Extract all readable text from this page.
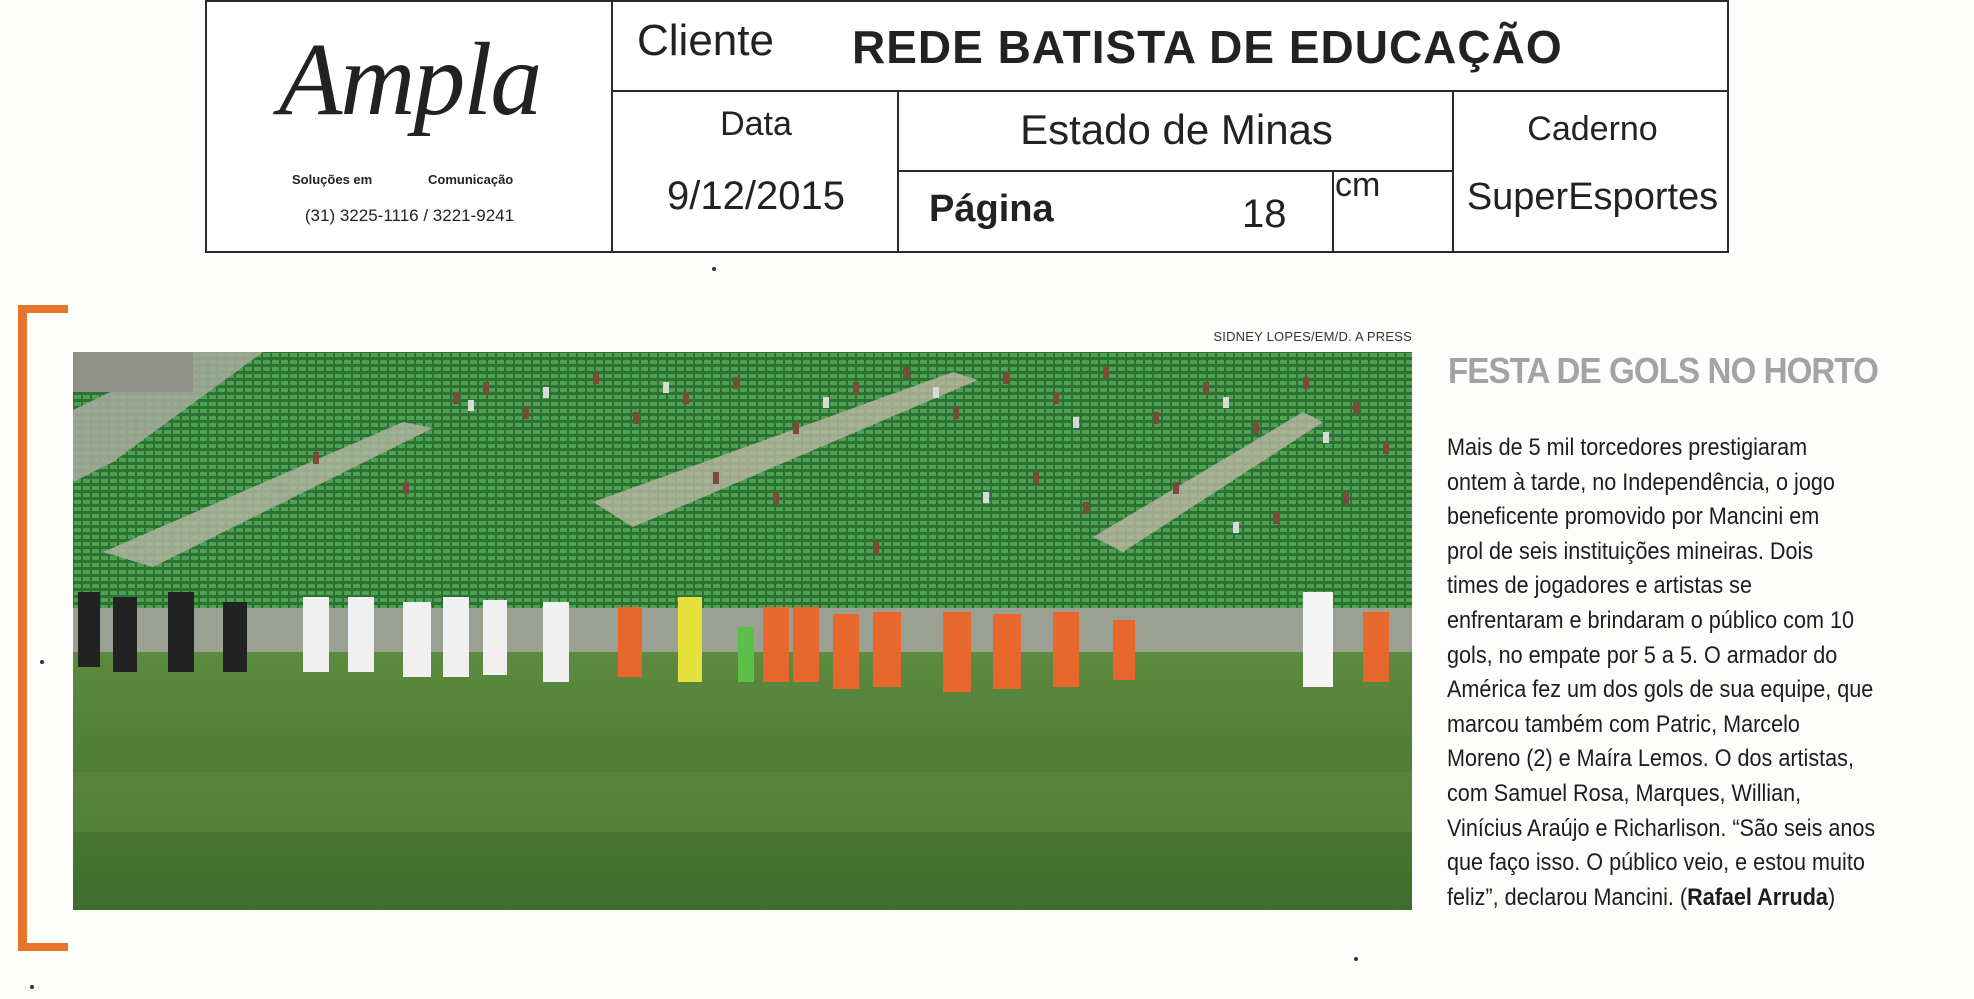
Ampla
Soluções em	Comunicação
(31) 3225-1116 / 3221-9241
Cliente REDE BATISTA DE EDUCAÇÃO
Data
9/12/2015
Estado de Minas
Página	18
cm
Caderno
SuperEsportes
SIDNEY LOPES/EM/D. A PRESS
FESTA DE GOLS NO HORTO
Mais de 5 mil torcedores prestigiaram
ontem à tarde, no Independência, o jogo
beneficente promovido por Mancini em
prol de seis instituições mineiras. Dois
times de jogadores e artistas se
enfrentaram e brindaram o público com 10
gols, no empate por 5 a 5. O armador do
América fez um dos gols de sua equipe, que
marcou também com Patric, Marcelo
Moreno (2) e Maíra Lemos. O dos artistas,
com Samuel Rosa, Marques, Willian,
Vinícius Araújo e Richarlison. “São seis anos
que faço isso. O público veio, e estou muito
feliz”, declarou Mancini. (Rafael Arruda)
